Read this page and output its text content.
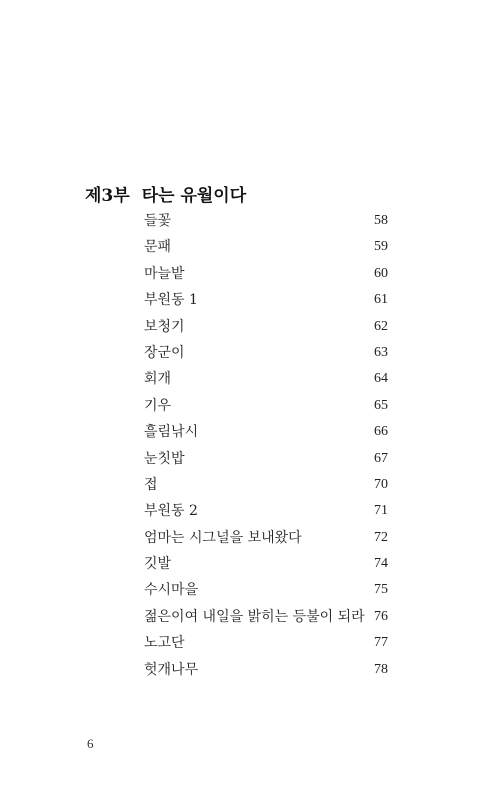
제3부 타는 유월이다
들꽃	58
문패	59
마늘밭	60
부원동 1	61
보청기	62
장군이	63
회개	64
기우	65
흘림낚시	66
눈칫밥	67
접	70
부원동 2	71
엄마는 시그널을 보내왔다	72
깃발	74
수시마을	75
젊은이여 내일을 밝히는 등불이 되라 76
노고단	77
헛개나무	78
6
